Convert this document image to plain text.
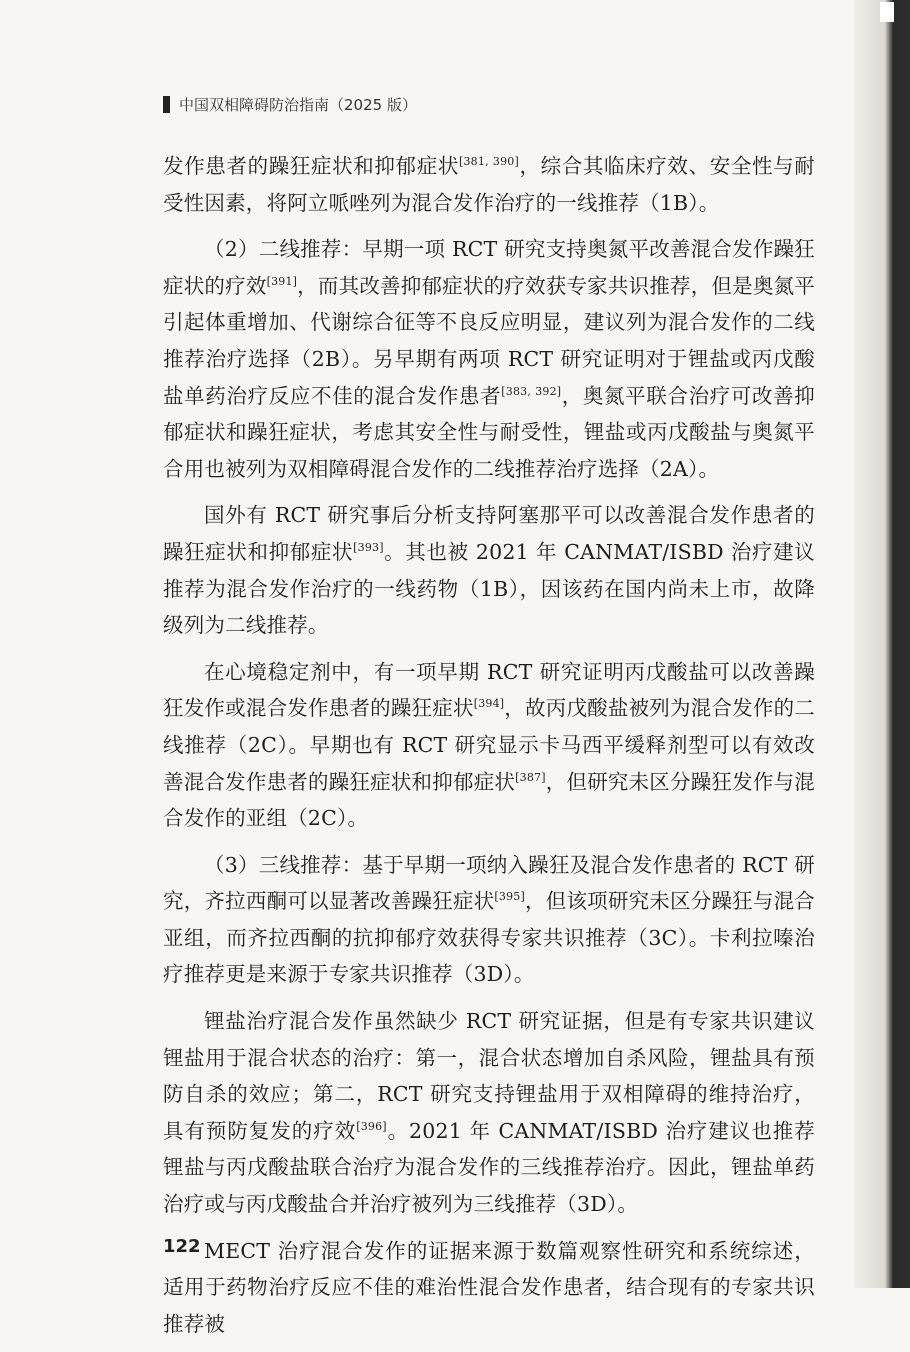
中国双相障碍防治指南（2025 版）

发作患者的躁狂症状和抑郁症状[381, 390]，综合其临床疗效、安全性与耐受性因素，将阿立哌唑列为混合发作治疗的一线推荐（1B）。

（2）二线推荐：早期一项 RCT 研究支持奥氮平改善混合发作躁狂症状的疗效[391]，而其改善抑郁症状的疗效获专家共识推荐，但是奥氮平引起体重增加、代谢综合征等不良反应明显，建议列为混合发作的二线推荐治疗选择（2B）。另早期有两项 RCT 研究证明对于锂盐或丙戊酸盐单药治疗反应不佳的混合发作患者[383, 392]，奥氮平联合治疗可改善抑郁症状和躁狂症状，考虑其安全性与耐受性，锂盐或丙戊酸盐与奥氮平合用也被列为双相障碍混合发作的二线推荐治疗选择（2A）。

国外有 RCT 研究事后分析支持阿塞那平可以改善混合发作患者的躁狂症状和抑郁症状[393]。其也被 2021 年 CANMAT/ISBD 治疗建议推荐为混合发作治疗的一线药物（1B），因该药在国内尚未上市，故降级列为二线推荐。

在心境稳定剂中，有一项早期 RCT 研究证明丙戊酸盐可以改善躁狂发作或混合发作患者的躁狂症状[394]，故丙戊酸盐被列为混合发作的二线推荐（2C）。早期也有 RCT 研究显示卡马西平缓释剂型可以有效改善混合发作患者的躁狂症状和抑郁症状[387]，但研究未区分躁狂发作与混合发作的亚组（2C）。

（3）三线推荐：基于早期一项纳入躁狂及混合发作患者的 RCT 研究，齐拉西酮可以显著改善躁狂症状[395]，但该项研究未区分躁狂与混合亚组，而齐拉西酮的抗抑郁疗效获得专家共识推荐（3C）。卡利拉嗪治疗推荐更是来源于专家共识推荐（3D）。

锂盐治疗混合发作虽然缺少 RCT 研究证据，但是有专家共识建议锂盐用于混合状态的治疗：第一，混合状态增加自杀风险，锂盐具有预防自杀的效应；第二，RCT 研究支持锂盐用于双相障碍的维持治疗，具有预防复发的疗效[396]。2021 年 CANMAT/ISBD 治疗建议也推荐锂盐与丙戊酸盐联合治疗为混合发作的三线推荐治疗。因此，锂盐单药治疗或与丙戊酸盐合并治疗被列为三线推荐（3D）。

MECT 治疗混合发作的证据来源于数篇观察性研究和系统综述，适用于药物治疗反应不佳的难治性混合发作患者，结合现有的专家共识推荐被

122
